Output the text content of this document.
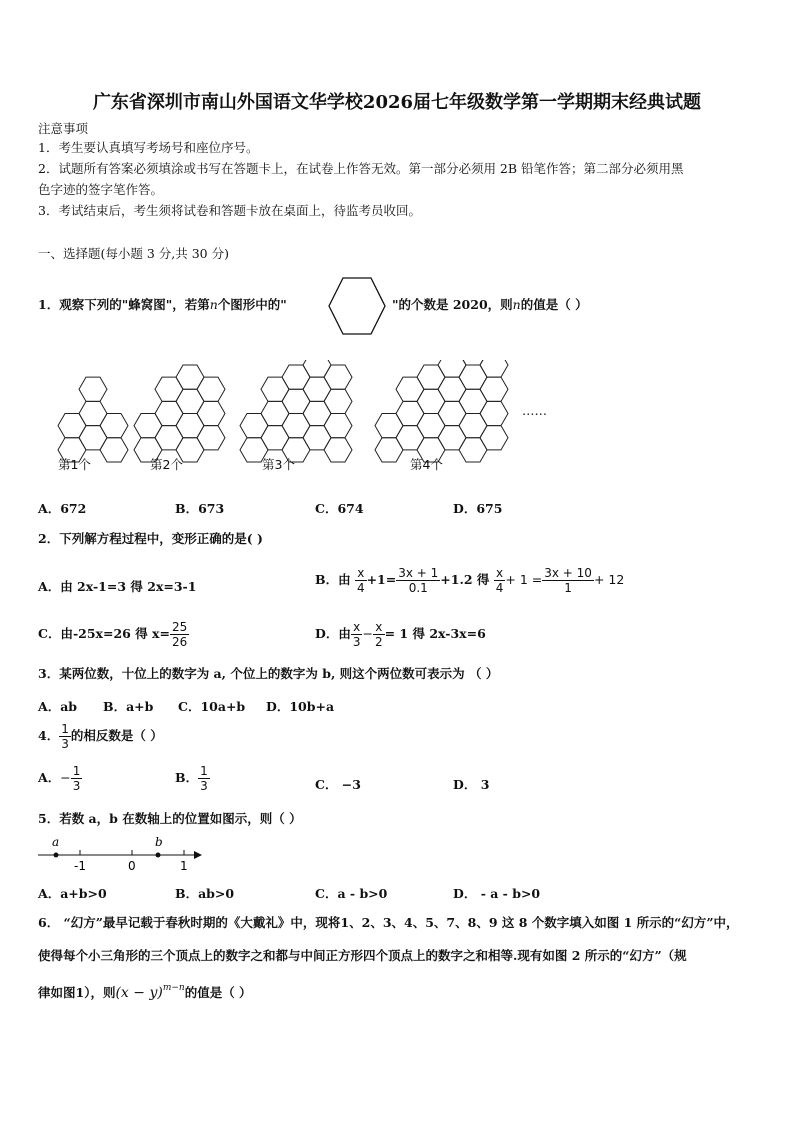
广东省深圳市南山外国语文华学校2026届七年级数学第一学期期末经典试题
注意事项
1．考生要认真填写考场号和座位序号。
2．试题所有答案必须填涂或书写在答题卡上，在试卷上作答无效。第一部分必须用 2B 铅笔作答；第二部分必须用黑
色字迹的签字笔作答。
3．考试结束后，考生须将试卷和答题卡放在桌面上，待监考员收回。
一、选择题(每小题 3 分,共 30 分)
1．观察下列的"蜂窝图"，若第n个图形中的"	"的个数是 2020，则n的值是（ ）
第1个	第2个	第3个	第4个
……
A．672	B．673	C．674	D．675
2．下列解方程过程中，变形正确的是( )
A．由 2x-1=3 得 2x=3-1	B．由 $\frac{x}{4} +1= \frac{3x + 1}{0.1} +1.2$ 得 $\frac{x}{4} + 1 = \frac{3x + 10}{1} + 12$
C．由-25x=26 得 $x= \frac{25}{26}$	D．由 $\frac{x}{3} - \frac{x}{2} = 1$ 得 2x-3x=6
3．某两位数，十位上的数字为 a, 个位上的数字为 b, 则这个两位数可表示为 （ ）
A．ab B．a+b C．10a+b D．10b+a
4． $\frac{1}{3}$ 的相反数是（ ）
A．− $\frac{1}{3}$	B． $\frac{1}{3}$	C． −3	D． 3
5．若数 a，b 在数轴上的位置如图示，则（ ）
a	b
-1	0	1
A．a+b>0	B．ab>0	C．a - b>0	D． - a - b>0
6． “幻方”最早记载于春秋时期的《大戴礼》中，现将1、2、3、4、5、7、8、9 这 8 个数字填入如图 1 所示的“幻方”中，
使得每个小三角形的三个顶点上的数字之和都与中间正方形四个顶点上的数字之和相等.现有如图 2 所示的“幻方”（规
律如图1），则$(x - y)^{m-n}$的值是（ ）
